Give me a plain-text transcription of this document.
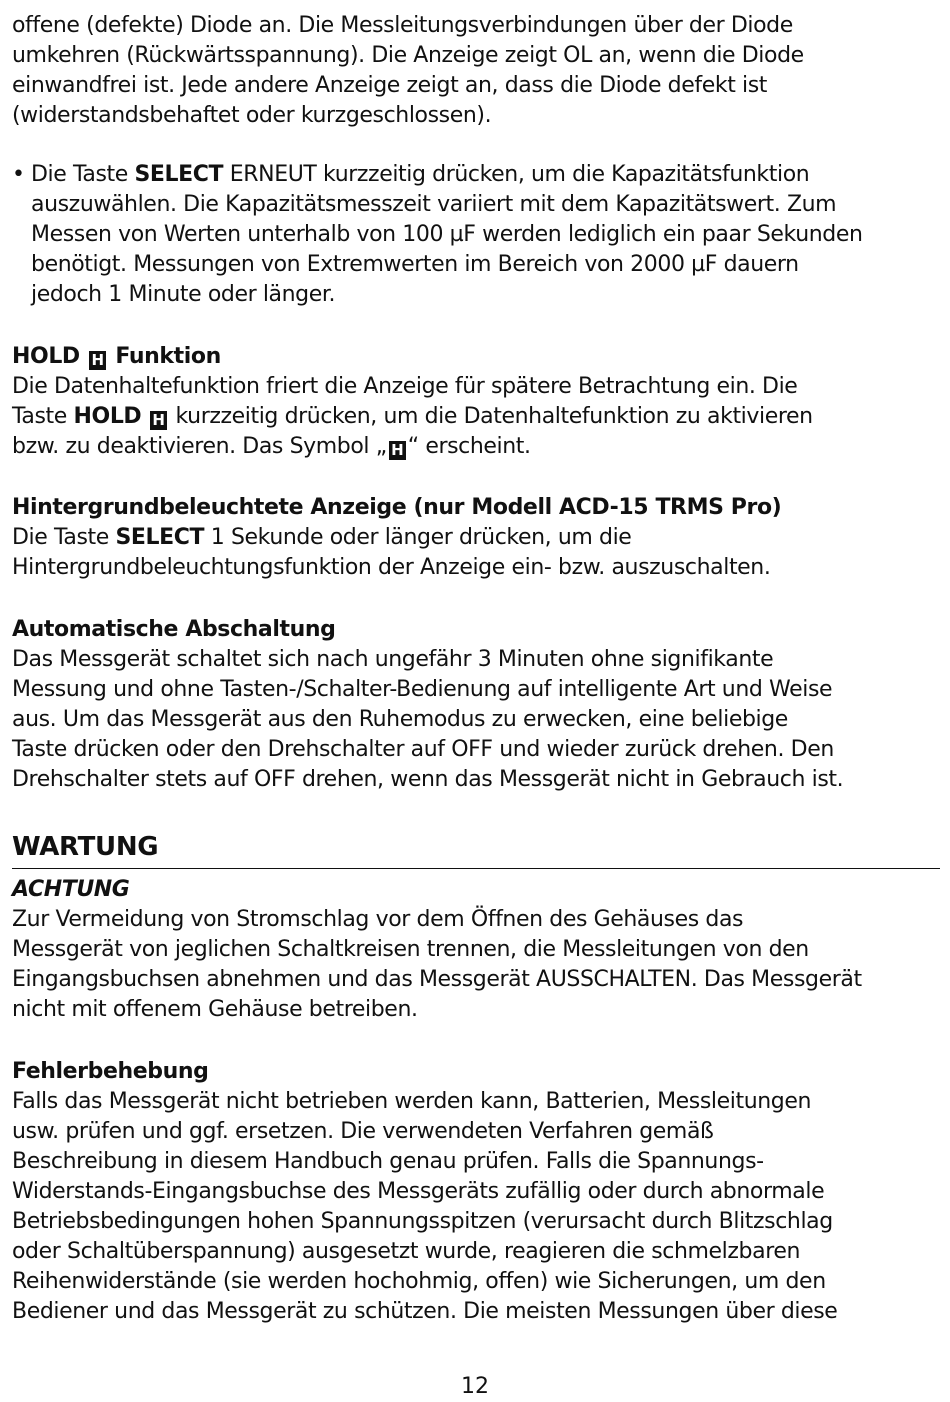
offene (defekte) Diode an. Die Messleitungsverbindungen über der Diode
umkehren (Rückwärtsspannung). Die Anzeige zeigt OL an, wenn die Diode
einwandfrei ist. Jede andere Anzeige zeigt an, dass die Diode defekt ist
(widerstandsbehaftet oder kurzgeschlossen).
• Die Taste SELECT ERNEUT kurzzeitig drücken, um die Kapazitätsfunktion
auszuwählen. Die Kapazitätsmesszeit variiert mit dem Kapazitätswert. Zum
Messen von Werten unterhalb von 100 µF werden lediglich ein paar Sekunden
benötigt. Messungen von Extremwerten im Bereich von 2000 µF dauern
jedoch 1 Minute oder länger.
HOLD H Funktion
Die Datenhaltefunktion friert die Anzeige für spätere Betrachtung ein. Die
Taste HOLD H kurzzeitig drücken, um die Datenhaltefunktion zu aktivieren
bzw. zu deaktivieren. Das Symbol „ H “ erscheint.
Hintergrundbeleuchtete Anzeige (nur Modell ACD-15 TRMS Pro)
Die Taste SELECT 1 Sekunde oder länger drücken, um die
Hintergrundbeleuchtungsfunktion der Anzeige ein- bzw. auszuschalten.
Automatische Abschaltung
Das Messgerät schaltet sich nach ungefähr 3 Minuten ohne signifikante
Messung und ohne Tasten-/Schalter-Bedienung auf intelligente Art und Weise
aus. Um das Messgerät aus den Ruhemodus zu erwecken, eine beliebige
Taste drücken oder den Drehschalter auf OFF und wieder zurück drehen. Den
Drehschalter stets auf OFF drehen, wenn das Messgerät nicht in Gebrauch ist.
WARTUNG
ACHTUNG
Zur Vermeidung von Stromschlag vor dem Öffnen des Gehäuses das
Messgerät von jeglichen Schaltkreisen trennen, die Messleitungen von den
Eingangsbuchsen abnehmen und das Messgerät AUSSCHALTEN. Das Messgerät
nicht mit offenem Gehäuse betreiben.
Fehlerbehebung
Falls das Messgerät nicht betrieben werden kann, Batterien, Messleitungen
usw. prüfen und ggf. ersetzen. Die verwendeten Verfahren gemäß
Beschreibung in diesem Handbuch genau prüfen. Falls die Spannungs-
Widerstands-Eingangsbuchse des Messgeräts zufällig oder durch abnormale
Betriebsbedingungen hohen Spannungsspitzen (verursacht durch Blitzschlag
oder Schaltüberspannung) ausgesetzt wurde, reagieren die schmelzbaren
Reihenwiderstände (sie werden hochohmig, offen) wie Sicherungen, um den
Bediener und das Messgerät zu schützen. Die meisten Messungen über diese
12
